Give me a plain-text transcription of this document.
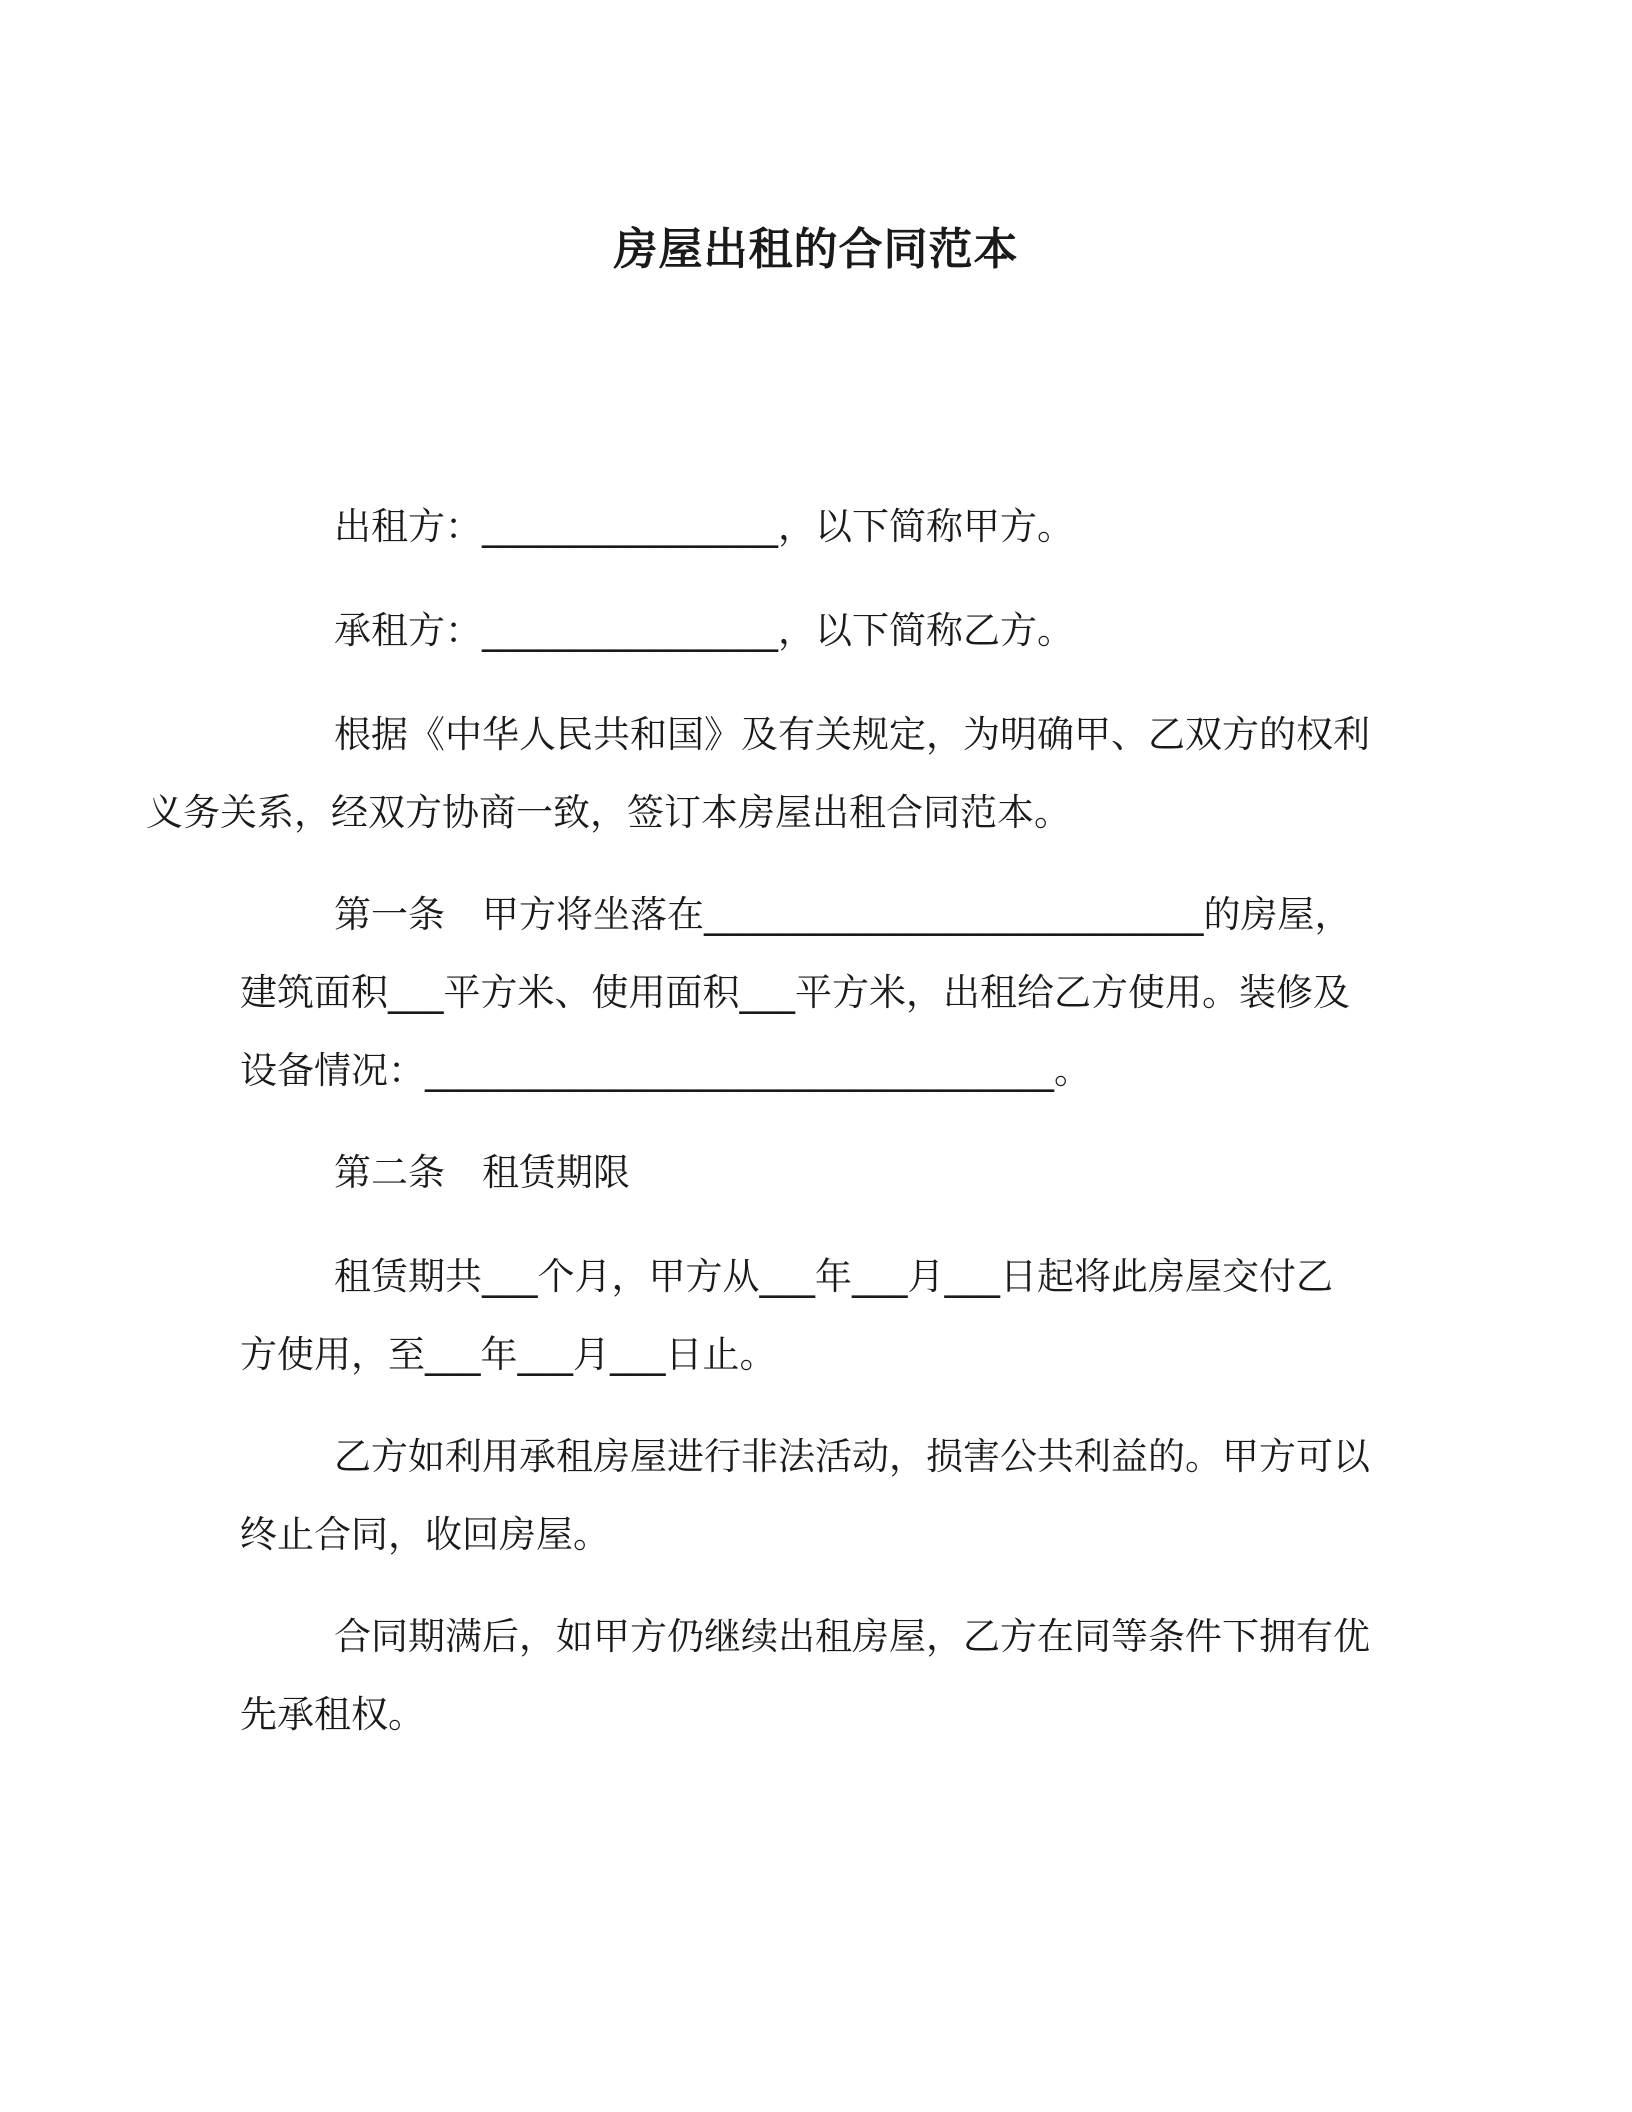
房屋出租的合同范本

出租方：________________，以下简称甲方。

承租方：________________，以下简称乙方。

根据《中华人民共和国》及有关规定，为明确甲、乙双方的权利
义务关系，经双方协商一致，签订本房屋出租合同范本。

第一条　甲方将坐落在___________________________的房屋，
建筑面积___平方米、使用面积___平方米，出租给乙方使用。装修及
设备情况：__________________________________。

第二条　租赁期限

租赁期共___个月，甲方从___年___月___日起将此房屋交付乙
方使用，至___年___月___日止。

乙方如利用承租房屋进行非法活动，损害公共利益的。甲方可以
终止合同，收回房屋。

合同期满后，如甲方仍继续出租房屋，乙方在同等条件下拥有优
先承租权。
